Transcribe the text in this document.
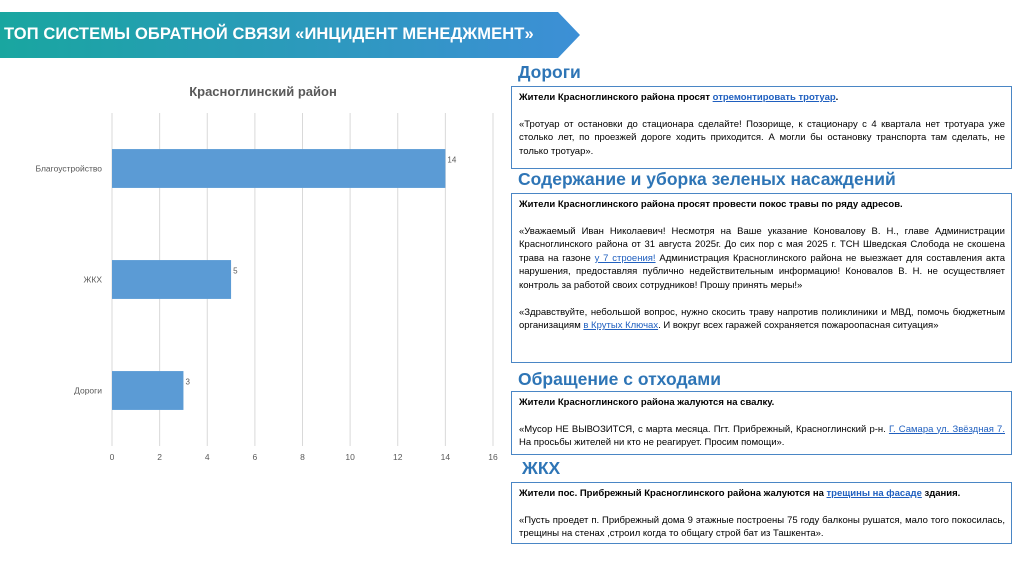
ТОП СИСТЕМЫ ОБРАТНОЙ СВЯЗИ «ИНЦИДЕНТ МЕНЕДЖМЕНТ»
Красноглинский район
Благоустройство
ЖКХ
Дороги
0	2	4	6	8	10	12	14	16
14
5
3
Дороги

Жители Красноглинского района просят отремонтировать тротуар.

«Тротуар от остановки до стационара сделайте! Позорище, к стационару с 4 квартала нет тротуара уже столько лет, по проезжей дороге ходить приходится. А могли бы остановку транспорта там сделать, не только тротуар».

Содержание и уборка зеленых насаждений

Жители Красноглинского района просят провести покос травы по ряду адресов.

«Уважаемый Иван Николаевич! Несмотря на Ваше указание Коновалову В. Н., главе Администрации Красноглинского района от 31 августа 2025г. До сих пор с мая 2025 г. ТСН Шведская Слобода не скошена трава на газоне у 7 строения! Администрация Красноглинского района не выезжает для составления акта нарушения, предоставляя публично недействительным информацию! Коновалов В. Н. не осуществляет контроль за работой своих сотрудников! Прошу принять меры!»

«Здравствуйте, небольшой вопрос, нужно скосить траву напротив поликлиники и МВД, помочь бюджетным организациям в Крутых Ключах. И вокруг всех гаражей сохраняется пожароопасная ситуация»

Обращение с отходами

Жители Красноглинского района жалуются на свалку.

«Мусор НЕ ВЫВОЗИТСЯ, с марта месяца. Пгт. Прибрежный, Красноглинский р-н. Г. Самара ул. Звёздная 7. На просьбы жителей ни кто не реагирует. Просим помощи».

ЖКХ

Жители пос. Прибрежный Красноглинского района жалуются на трещины на фасаде здания.

«Пусть проедет п. Прибрежный дома 9 этажные построены 75 году балконы рушатся, мало того покосилась, трещины на стенах ,строил когда то общагу строй бат из Ташкента».
